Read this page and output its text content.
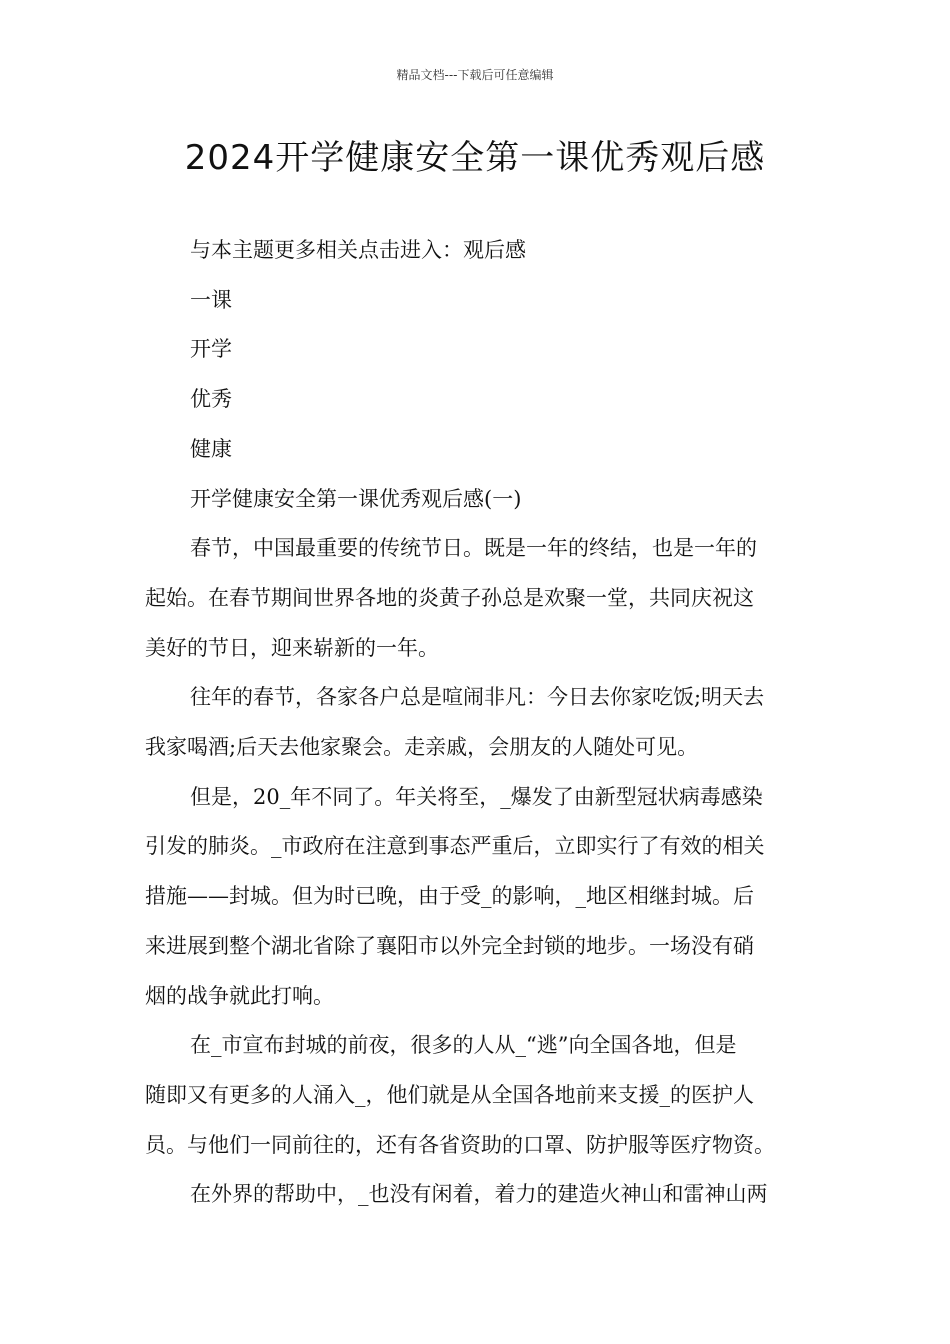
精品文档---下载后可任意编辑
2024开学健康安全第一课优秀观后感

与本主题更多相关点击进入：观后感

一课

开学

优秀

健康

开学健康安全第一课优秀观后感(一)

春节，中国最重要的传统节日。既是一年的终结，也是一年的

起始。在春节期间世界各地的炎黄子孙总是欢聚一堂，共同庆祝这

美好的节日，迎来崭新的一年。

往年的春节，各家各户总是喧闹非凡：今日去你家吃饭;明天去

我家喝酒;后天去他家聚会。走亲戚，会朋友的人随处可见。

但是，20_年不同了。年关将至，_爆发了由新型冠状病毒感染

引发的肺炎。_市政府在注意到事态严重后，立即实行了有效的相关

措施——封城。但为时已晚，由于受_的影响，_地区相继封城。后

来进展到整个湖北省除了襄阳市以外完全封锁的地步。一场没有硝

烟的战争就此打响。

在_市宣布封城的前夜，很多的人从_“逃”向全国各地，但是

随即又有更多的人涌入_，他们就是从全国各地前来支援_的医护人

员。与他们一同前往的，还有各省资助的口罩、防护服等医疗物资。

在外界的帮助中，_也没有闲着，着力的建造火神山和雷神山两
